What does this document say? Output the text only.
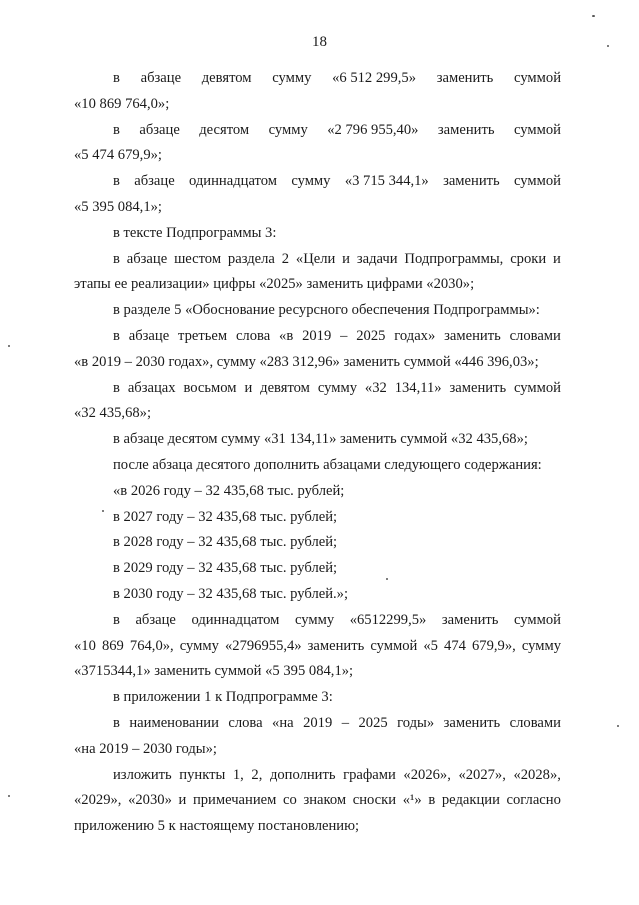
18
в абзаце девятом сумму «6 512 299,5» заменить суммой
«10 869 764,0»;
в абзаце десятом сумму «2 796 955,40» заменить суммой
«5 474 679,9»;
в абзаце одиннадцатом сумму «3 715 344,1» заменить суммой
«5 395 084,1»;
в тексте Подпрограммы 3:
в абзаце шестом раздела 2 «Цели и задачи Подпрограммы, сроки и
этапы ее реализации» цифры «2025» заменить цифрами «2030»;
в разделе 5 «Обоснование ресурсного обеспечения Подпрограммы»:
в абзаце третьем слова «в 2019 – 2025 годах» заменить словами
«в 2019 – 2030 годах», сумму «283 312,96» заменить суммой «446 396,03»;
в абзацах восьмом и девятом сумму «32 134,11» заменить суммой
«32 435,68»;
в абзаце десятом сумму «31 134,11» заменить суммой «32 435,68»;
после абзаца десятого дополнить абзацами следующего содержания:
«в 2026 году – 32 435,68 тыс. рублей;
в 2027 году – 32 435,68 тыс. рублей;
в 2028 году – 32 435,68 тыс. рублей;
в 2029 году – 32 435,68 тыс. рублей;
в 2030 году – 32 435,68 тыс. рублей.»;
в абзаце одиннадцатом сумму «6512299,5» заменить суммой
«10 869 764,0», сумму «2796955,4» заменить суммой «5 474 679,9», сумму
«3715344,1» заменить суммой «5 395 084,1»;
в приложении 1 к Подпрограмме 3:
в наименовании слова «на 2019 – 2025 годы» заменить словами
«на 2019 – 2030 годы»;
изложить пункты 1, 2, дополнить графами «2026», «2027», «2028»,
«2029», «2030» и примечанием со знаком сноски «¹» в редакции согласно
приложению 5 к настоящему постановлению;
